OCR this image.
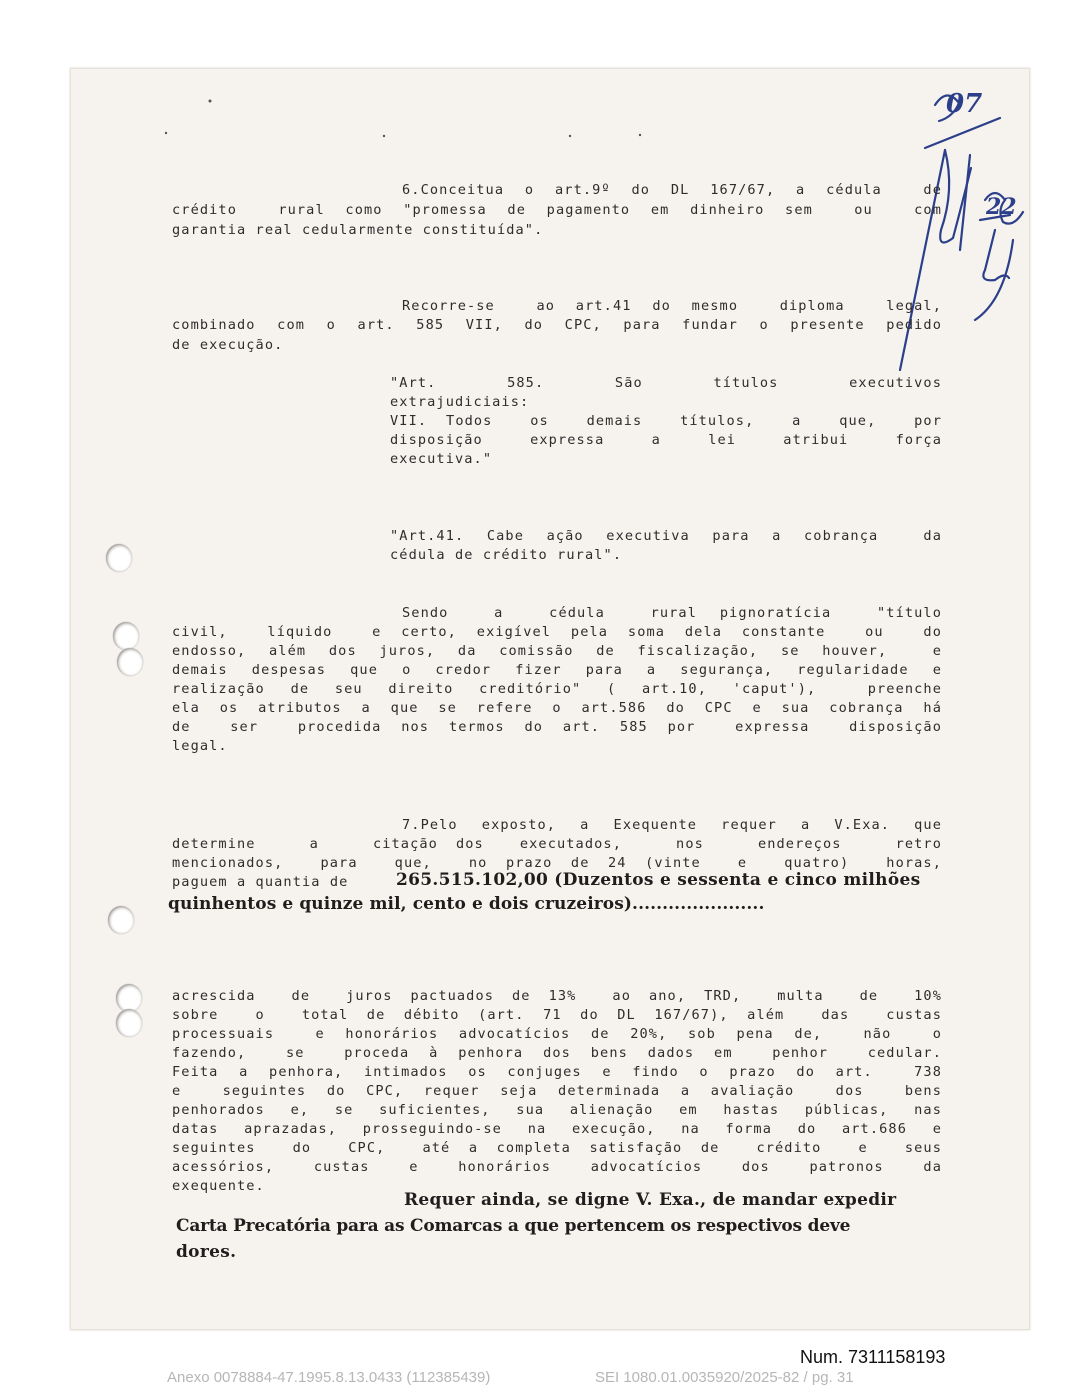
07
22
6.Conceitua o art.9º do DL 167/67, a cédula  de
crédito  rural como "promessa de pagamento em dinheiro sem  ou  com
garantia real cedularmente constituída".
Recorre-se  ao art.41 do mesmo  diploma  legal,
combinado com o art. 585 VII, do CPC, para fundar o presente pedido
de execução.
"Art.   585.   São   títulos   executivos
extrajudiciais:
VII. Todos  os  demais  títulos,  a  que,  por
disposição  expressa  a  lei  atribui  força
executiva."
"Art.41. Cabe ação executiva para a cobrança  da
cédula de crédito rural".
Sendo  a  cédula  rural pignoratícia  "título
civil,  líquido  e certo, exigível pela soma dela constante  ou  do
endosso, além dos juros, da comissão de fiscalização, se houver,  e
demais despesas que o credor fizer para a segurança, regularidade e
realização de seu direito creditório" ( art.10, 'caput'),  preenche
ela os atributos a que se refere o art.586 do CPC e sua cobrança há
de  ser  procedida nos termos do art. 585 por  expressa  disposição
legal.
7.Pelo exposto, a Exequente requer a V.Exa. que
determine   a   citação dos  executados,   nos   endereços   retro
mencionados,  para  que,  no prazo de 24 (vinte  e  quatro)  horas,
paguem a quantia de
acrescida  de  juros pactuados de 13%  ao ano, TRD,  multa  de  10%
sobre  o  total de débito (art. 71 do DL 167/67), além  das  custas
processuais  e honorários advocatícios de 20%, sob pena de,  não  o
fazendo,  se  proceda à penhora dos bens dados em  penhor  cedular.
Feita a penhora, intimados os conjuges e findo o prazo do art.  738
e  seguintes do CPC, requer seja determinada a avaliação  dos  bens
penhorados e, se suficientes, sua alienação em hastas públicas, nas
datas aprazadas, prosseguindo-se na execução, na forma do art.686 e
seguintes  do  CPC,  até a completa satisfação de  crédito  e  seus
acessórios,  custas  e  honorários  advocatícios  dos  patronos  da
exequente.
265.515.102,00 (Duzentos e sessenta e cinco milhões
quinhentos e quinze mil, cento e dois cruzeiros)......................
Requer ainda, se digne V. Exa., de mandar expedir
Carta Precatória para as Comarcas a que pertencem os respectivos deve
dores.
Num. 7311158193
Anexo 0078884-47.1995.8.13.0433 (112385439)	SEI 1080.01.0035920/2025-82 / pg. 31
